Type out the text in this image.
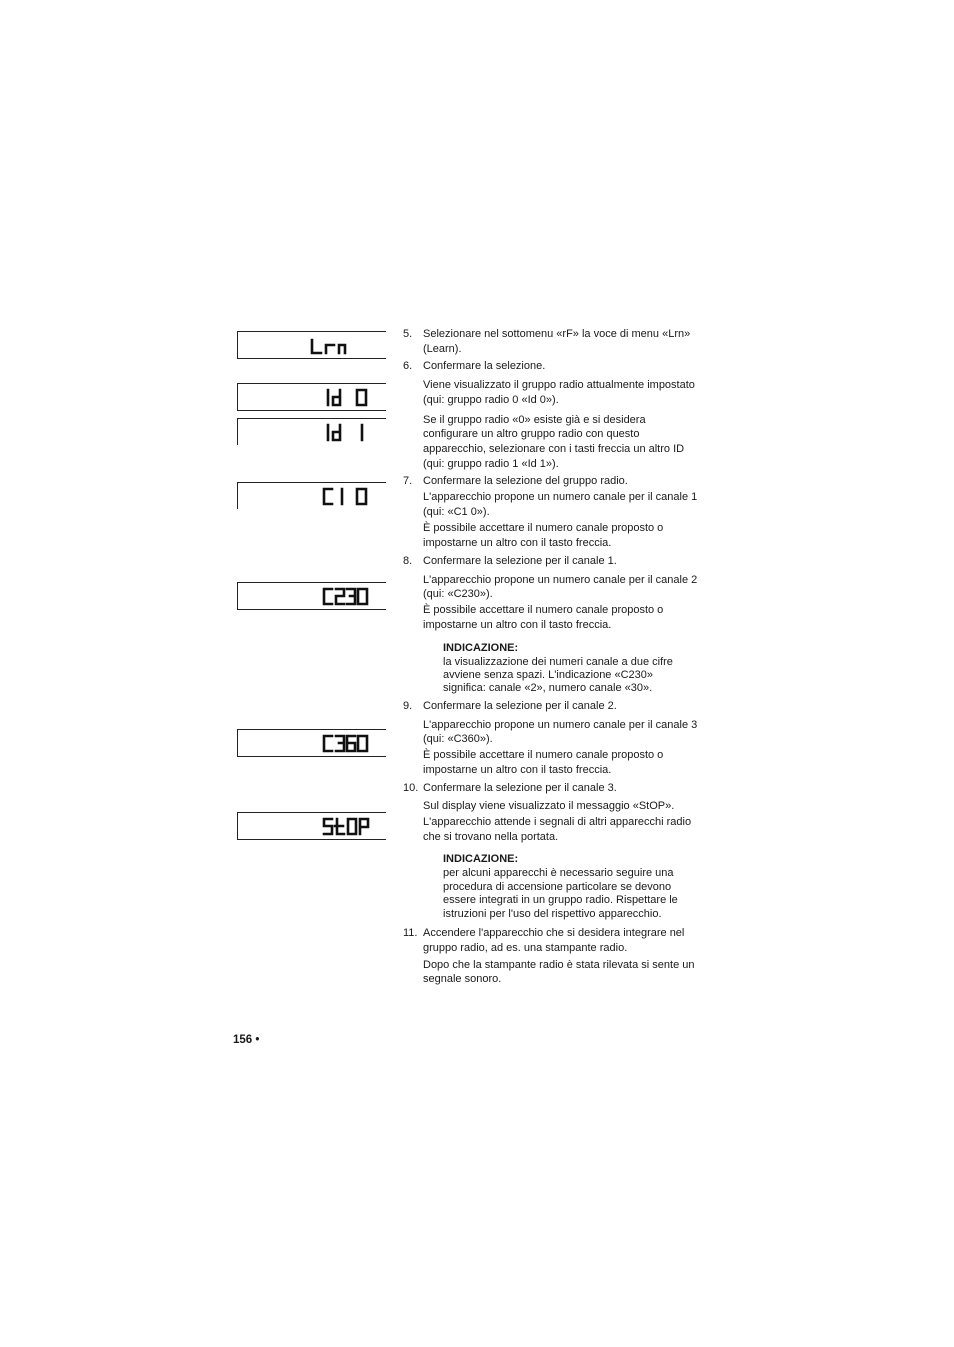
5. Selezionare nel sottomenu «rF» la voce di menu «Lrn» (Learn).
6. Confermare la selezione.
Viene visualizzato il gruppo radio attualmente impostato (qui: gruppo radio 0 «Id 0»).
Se il gruppo radio «0» esiste già e si desidera configurare un altro gruppo radio con questo apparecchio, selezionare con i tasti freccia un altro ID (qui: gruppo radio 1 «Id 1»).
7. Confermare la selezione del gruppo radio.
L'apparecchio propone un numero canale per il canale 1 (qui: «C1 0»).
È possibile accettare il numero canale proposto o impostarne un altro con il tasto freccia.
8. Confermare la selezione per il canale 1.
L'apparecchio propone un numero canale per il canale 2 (qui: «C230»).
È possibile accettare il numero canale proposto o impostarne un altro con il tasto freccia.
INDICAZIONE:
la visualizzazione dei numeri canale a due cifre avviene senza spazi. L'indicazione «C230» significa: canale «2», numero canale «30».
9. Confermare la selezione per il canale 2.
L'apparecchio propone un numero canale per il canale 3 (qui: «C360»).
È possibile accettare il numero canale proposto o impostarne un altro con il tasto freccia.
10. Confermare la selezione per il canale 3.
Sul display viene visualizzato il messaggio «StOP».
L'apparecchio attende i segnali di altri apparecchi radio che si trovano nella portata.
INDICAZIONE:
per alcuni apparecchi è necessario seguire una procedura di accensione particolare se devono essere integrati in un gruppo radio. Rispettare le istruzioni per l'uso del rispettivo apparecchio.
11. Accendere l'apparecchio che si desidera integrare nel gruppo radio, ad es. una stampante radio.
Dopo che la stampante radio è stata rilevata si sente un segnale sonoro.
156 •
